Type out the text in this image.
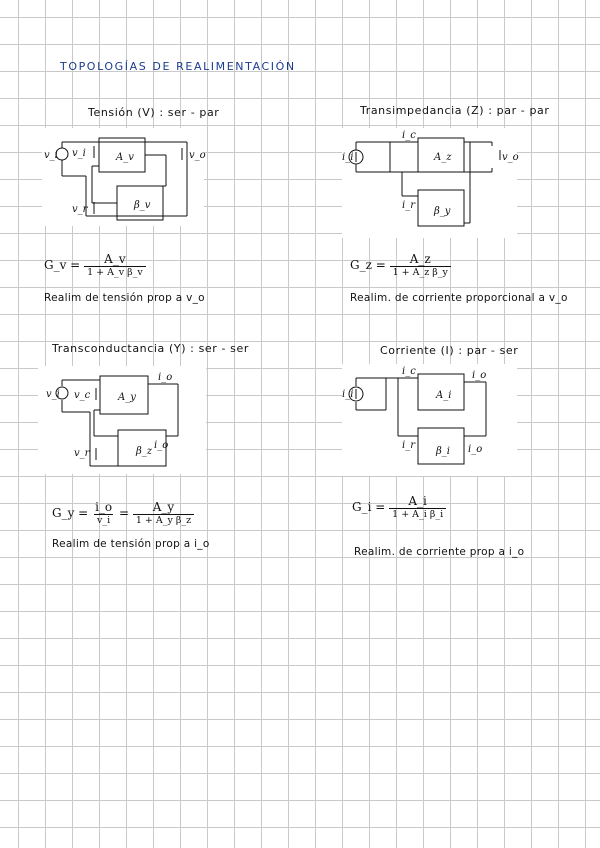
TOPOLOGÍAS DE REALIMENTACIÓN
Tensión (V) : ser - par
v_i v_i
v_r
A_v
β_v
v_o
G_v = $\frac{A\_v}{\text{1 + A\_v β\_v}}$
Realim de tensión prop a v_o
Transimpedancia (Z) : par - par
i_i
i_c
i_r
A_z
β_y
v_o
G_z = $\frac{A\_z}{\text{1 + A\_z β\_y}}$
Realim. de corriente proporcional a v_o
Transconductancia (Y) : ser - ser
v_i v_c
v_r
A_y
β_z
i_o
i_o
G_y = $\frac{i\_o}{v\_i} = \frac{A\_y}{\text{1 + A\_y β\_z}}$
Realim de tensión prop a i_o
Corriente (I) : par - ser
i_i
i_c
i_r
A_i
β_i
i_o
i_o
G_i = $\frac{A\_i}{\text{1 + A\_i β\_i}}$
Realim. de corriente prop a i_o
